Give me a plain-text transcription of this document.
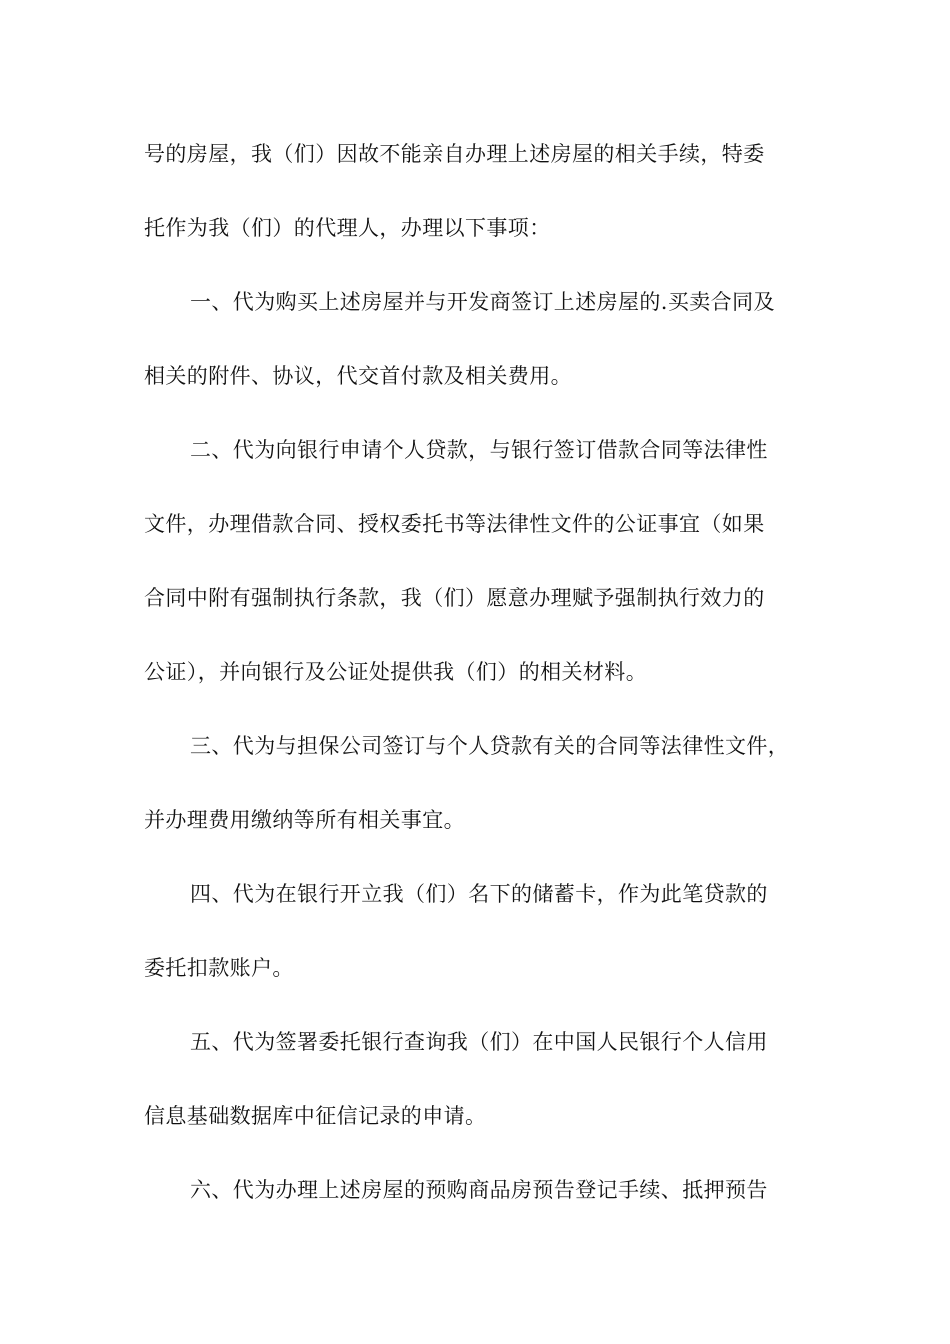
号的房屋，我（们）因故不能亲自办理上述房屋的相关手续，特委
托作为我（们）的代理人，办理以下事项：
一、代为购买上述房屋并与开发商签订上述房屋的.买卖合同及
相关的附件、协议，代交首付款及相关费用。
二、代为向银行申请个人贷款，与银行签订借款合同等法律性
文件，办理借款合同、授权委托书等法律性文件的公证事宜（如果
合同中附有强制执行条款，我（们）愿意办理赋予强制执行效力的
公证），并向银行及公证处提供我（们）的相关材料。
三、代为与担保公司签订与个人贷款有关的合同等法律性文件，
并办理费用缴纳等所有相关事宜。
四、代为在银行开立我（们）名下的储蓄卡，作为此笔贷款的
委托扣款账户。
五、代为签署委托银行查询我（们）在中国人民银行个人信用
信息基础数据库中征信记录的申请。
六、代为办理上述房屋的预购商品房预告登记手续、抵押预告
